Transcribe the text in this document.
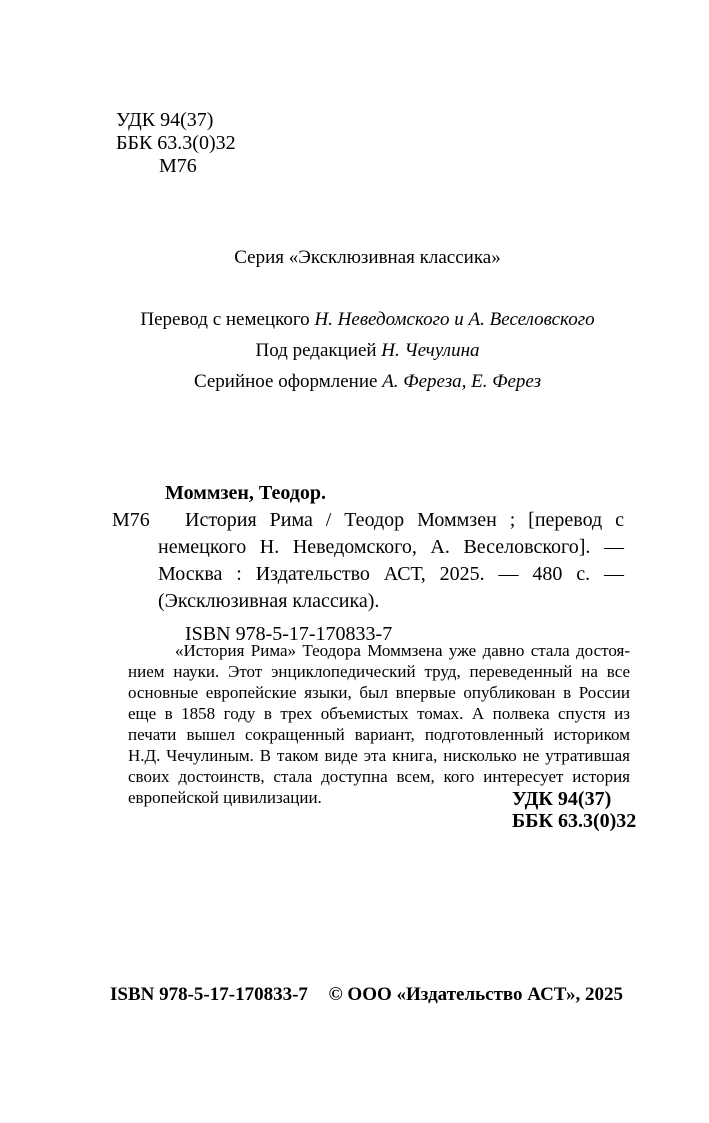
УДК 94(37)
ББК 63.3(0)32
М76
Серия «Эксклюзивная классика»

Перевод с немецкого Н. Неведомского и А. Веселовского

Под редакцией Н. Чечулина

Серийное оформление А. Фереза, Е. Ферез

Моммзен, Теодор.

М76	История Рима / Теодор Моммзен ; [перевод с немецкого Н. Неведомского, А. Веселовского]. — Москва : Издательство АСТ, 2025. — 480 с. — (Эксклюзивная классика).

ISBN 978-5-17-170833-7

«История Рима» Теодора Моммзена уже давно стала достоянием науки. Этот энциклопедический труд, переведенный на все основные европейские языки, был впервые опубликован в России еще в 1858 году в трех объемистых томах. А полвека спустя из печати вышел сокращенный вариант, подготовленный историком Н.Д. Чечулиным. В таком виде эта книга, нисколько не утратившая своих достоинств, стала доступна всем, кого интересует история европейской цивилизации.	УДК 94(37)
ББК 63.3(0)32
ISBN 978-5-17-170833-7 © ООО «Издательство АСТ», 2025
